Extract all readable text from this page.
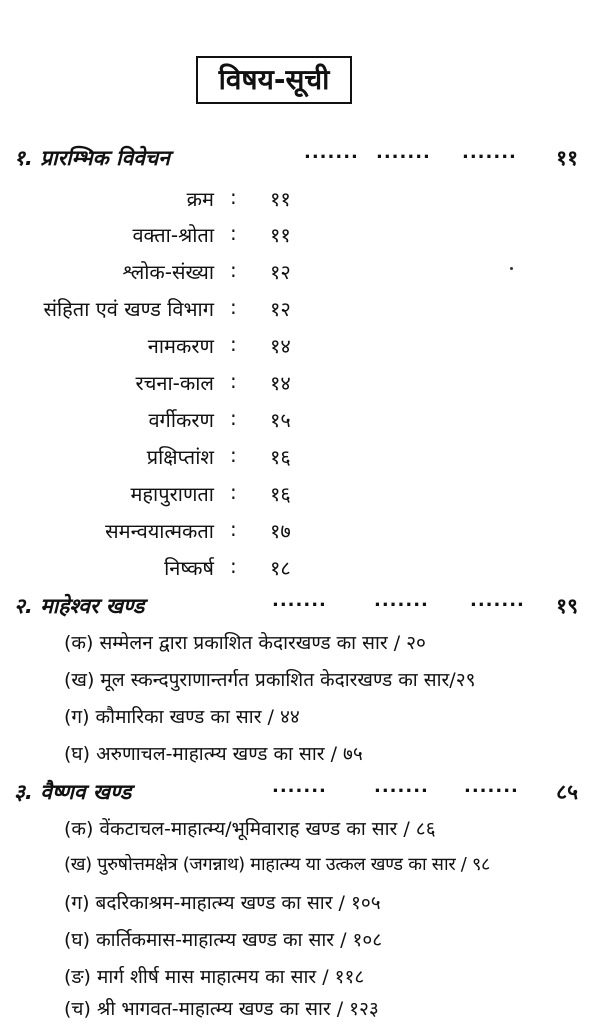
विषय-सूची
१. प्रारम्भिक विवेचन	....... ....... ....... ११
क्रम : ११
वक्ता-श्रोता : ११
श्लोक-संख्या : १२
संहिता एवं खण्ड विभाग : १२
नामकरण : १४
रचना-काल : १४
वर्गीकरण : १५
प्रक्षिप्तांश : १६
महापुराणता : १६
समन्वयात्मकता : १७
निष्कर्ष : १८
२. माहेश्वर खण्ड	.......	....... ....... १९
(क) सम्मेलन द्वारा प्रकाशित केदारखण्ड का सार / २०
(ख) मूल स्कन्दपुराणान्तर्गत प्रकाशित केदारखण्ड का सार/२९
(ग) कौमारिका खण्ड का सार / ४४
(घ) अरुणाचल-माहात्म्य खण्ड का सार / ७५
३. वैष्णव खण्ड	.......	....... ....... ८५
(क) वेंकटाचल-माहात्म्य/भूमिवाराह खण्ड का सार / ८६
(ख) पुरुषोत्तमक्षेत्र (जगन्नाथ) माहात्म्य या उत्कल खण्ड का सार / ९८
(ग) बदरिकाश्रम-माहात्म्य खण्ड का सार / १०५
(घ) कार्तिकमास-माहात्म्य खण्ड का सार / १०८
(ङ) मार्ग शीर्ष मास माहात्मय का सार / ११८
(च) श्री भागवत-माहात्म्य खण्ड का सार / १२३
